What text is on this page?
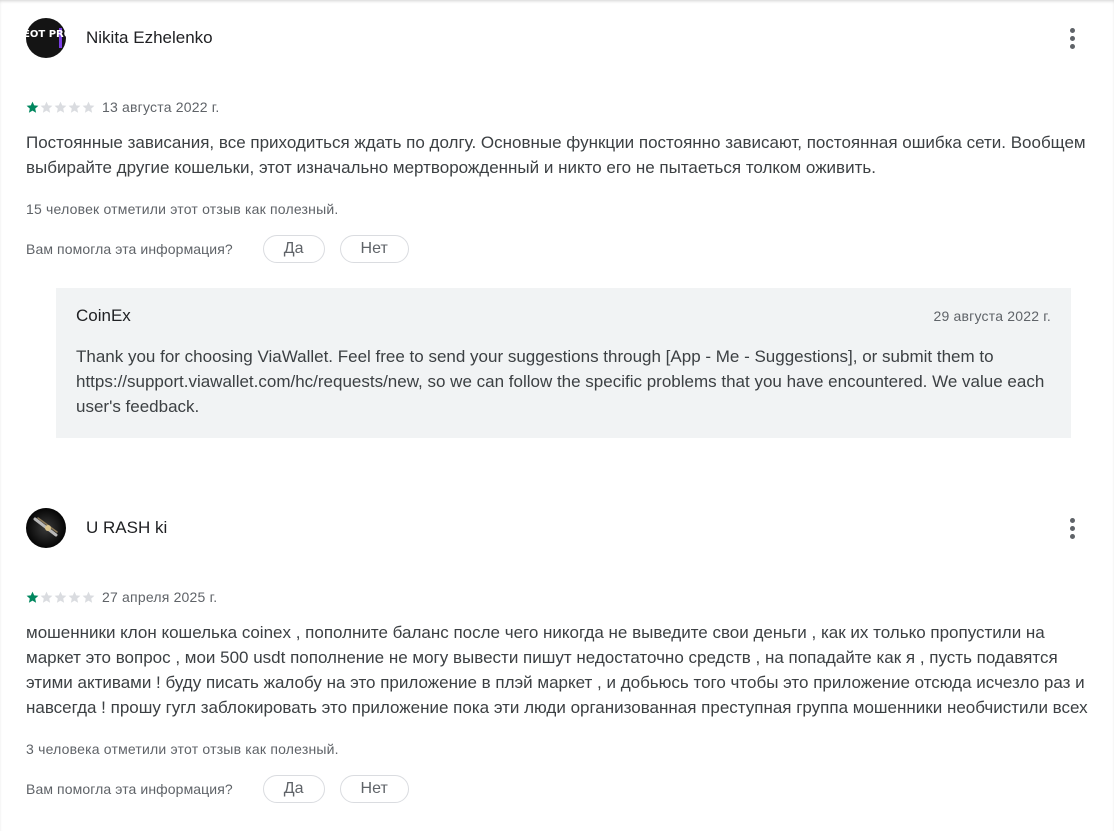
СЕОТ PRO Nikita Ezhelenko
13 августа 2022 г.
Постоянные зависания, все приходиться ждать по долгу. Основные функции постоянно зависают, постоянная ошибка сети. Вообщем выбирайте другие кошельки, этот изначально мертворожденный и никто его не пытаеться толком оживить.
15 человек отметили этот отзыв как полезный.
Вам помогла эта информация?	Да	Нет
CoinEx	29 августа 2022 г.
Thank you for choosing ViaWallet. Feel free to send your suggestions through [App - Me - Suggestions], or submit them to https://support.viawallet.com/hc/requests/new, so we can follow the specific problems that you have encountered. We value each user's feedback.
U RASH ki
27 апреля 2025 г.
мошенники клон кошелька coinex , пополните баланс после чего никогда не выведите свои деньги , как их только пропустили на маркет это вопрос , мои 500 usdt пополнение не могу вывести пишут недостаточно средств , на попадайте как я , пусть подавятся этими активами ! буду писать жалобу на это приложение в плэй маркет , и добьюсь того чтобы это приложение отсюда исчезло раз и навсегда ! прошу гугл заблокировать это приложение пока эти люди организованная преступная группа мошенники необчистили всех
3 человека отметили этот отзыв как полезный.
Вам помогла эта информация?	Да	Нет
